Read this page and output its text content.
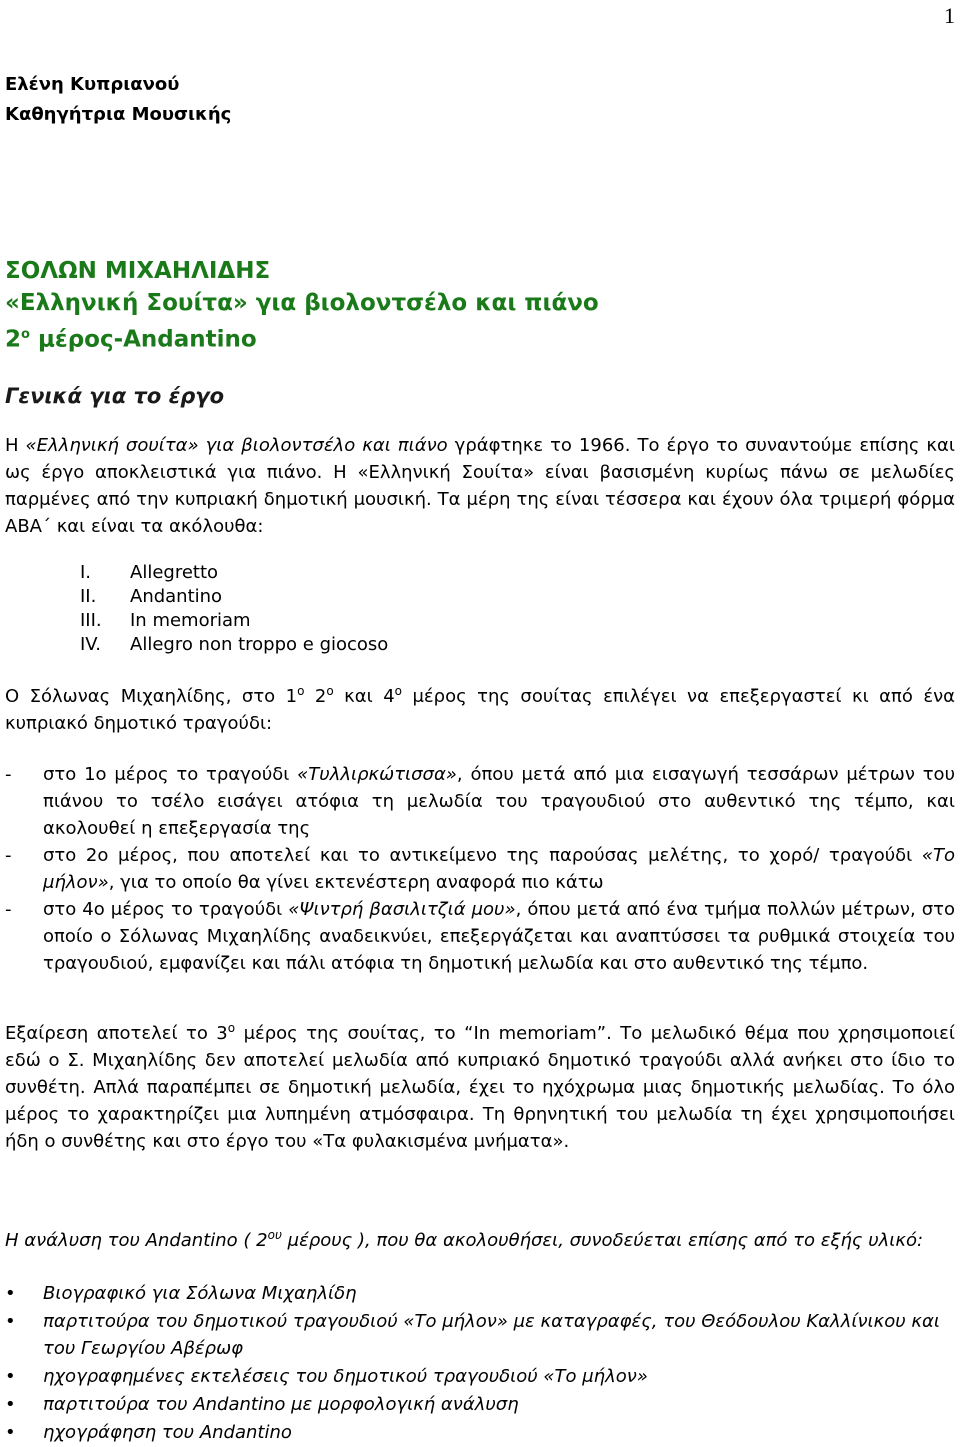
1
Ελένη Κυπριανού
Καθηγήτρια Μουσικής
ΣΟΛΩΝ ΜΙΧΑΗΛΙΔΗΣ
«Ελληνική Σουίτα» για βιολοντσέλο και πιάνο
$2^o$ μέρος-Andantino
Γενικά για το έργο
Η «Ελληνική σουίτα» για βιολοντσέλο και πιάνο γράφτηκε το 1966. Το έργο το συναντούμε επίσης και ως έργο αποκλειστικά για πιάνο. Η «Ελληνική Σουίτα» είναι βασισμένη κυρίως πάνω σε μελωδίες παρμένες από την κυπριακή δημοτική μουσική. Τα μέρη της είναι τέσσερα και έχουν όλα τριμερή φόρμα ΑΒΑ΄ και είναι τα ακόλουθα:
I.	Allegretto
II.	Andantino
III.	In memoriam
IV.	Allegro non troppo e giocoso
Ο Σόλωνας Μιχαηλίδης, στο $1^o$ $2^o$ και $4^o$ μέρος της σουίτας επιλέγει να επεξεργαστεί κι από ένα κυπριακό δημοτικό τραγούδι:
-	στο 1ο μέρος το τραγούδι «Τυλλιρκώτισσα», όπου μετά από μια εισαγωγή τεσσάρων μέτρων του πιάνου το τσέλο εισάγει ατόφια τη μελωδία του τραγουδιού στο αυθεντικό της τέμπο, και ακολουθεί η επεξεργασία της
-	στο 2ο μέρος, που αποτελεί και το αντικείμενο της παρούσας μελέτης, το χορό/ τραγούδι «Το μήλον», για το οποίο θα γίνει εκτενέστερη αναφορά πιο κάτω
-	στο 4ο μέρος το τραγούδι «Ψιντρή βασιλιτζιά μου», όπου μετά από ένα τμήμα πολλών μέτρων, στο οποίο ο Σόλωνας Μιχαηλίδης αναδεικνύει, επεξεργάζεται και αναπτύσσει τα ρυθμικά στοιχεία του τραγουδιού, εμφανίζει και πάλι ατόφια τη δημοτική μελωδία και στο αυθεντικό της τέμπο.
Εξαίρεση αποτελεί το $3^o$ μέρος της σουίτας, το “In memoriam”. Το μελωδικό θέμα που χρησιμοποιεί εδώ ο Σ. Μιχαηλίδης δεν αποτελεί μελωδία από κυπριακό δημοτικό τραγούδι αλλά ανήκει στο ίδιο το συνθέτη. Απλά παραπέμπει σε δημοτική μελωδία, έχει το ηχόχρωμα μιας δημοτικής μελωδίας. Το όλο μέρος το χαρακτηρίζει μια λυπημένη ατμόσφαιρα. Τη θρηνητική του μελωδία τη έχει χρησιμοποιήσει ήδη ο συνθέτης και στο έργο του «Τα φυλακισμένα μνήματα».
Η ανάλυση του Andantino ( $2^{o\upsilon}$ μέρους ), που θα ακολουθήσει, συνοδεύεται επίσης από το εξής υλικό:
•	Βιογραφικό για Σόλωνα Μιχαηλίδη
•	παρτιτούρα του δημοτικού τραγουδιού «Το μήλον» με καταγραφές, του Θεόδουλου Καλλίνικου και του Γεωργίου Αβέρωφ
•	ηχογραφημένες εκτελέσεις του δημοτικού τραγουδιού «Το μήλον»
•	παρτιτούρα του Andantino με μορφολογική ανάλυση
•	ηχογράφηση του Andantino
